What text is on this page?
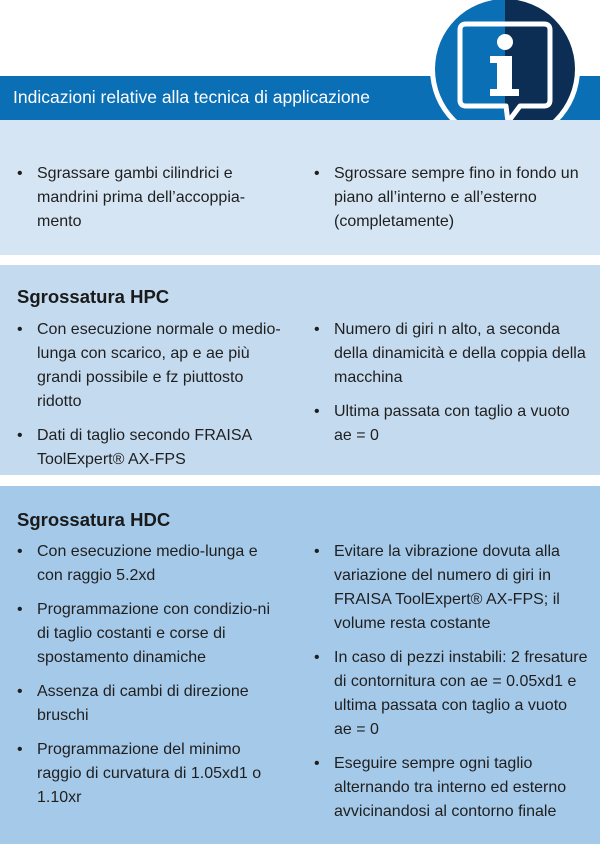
Indicazioni relative alla tecnica di applicazione
• Sgrassare gambi cilindrici e mandrini prima dell’accoppia-mento
• Sgrossare sempre fino in fondo un piano all’interno e all’esterno (completamente)
Sgrossatura HPC
• Con esecuzione normale o medio-lunga con scarico, ap e ae più grandi possibile e fz piuttosto ridotto
• Dati di taglio secondo FRAISA ToolExpert® AX-FPS
• Numero di giri n alto, a seconda della dinamicità e della coppia della macchina
• Ultima passata con taglio a vuoto ae = 0
Sgrossatura HDC
• Con esecuzione medio-lunga e con raggio 5.2xd
• Programmazione con condizio-ni di taglio costanti e corse di spostamento dinamiche
• Assenza di cambi di direzione bruschi
• Programmazione del minimo raggio di curvatura di 1.05xd1 o 1.10xr
• Evitare la vibrazione dovuta alla variazione del numero di giri in FRAISA ToolExpert® AX-FPS; il volume resta costante
• In caso di pezzi instabili: 2 fresature di contornitura con ae = 0.05xd1 e ultima passata con taglio a vuoto ae = 0
• Eseguire sempre ogni taglio alternando tra interno ed esterno avvicinandosi al contorno finale
